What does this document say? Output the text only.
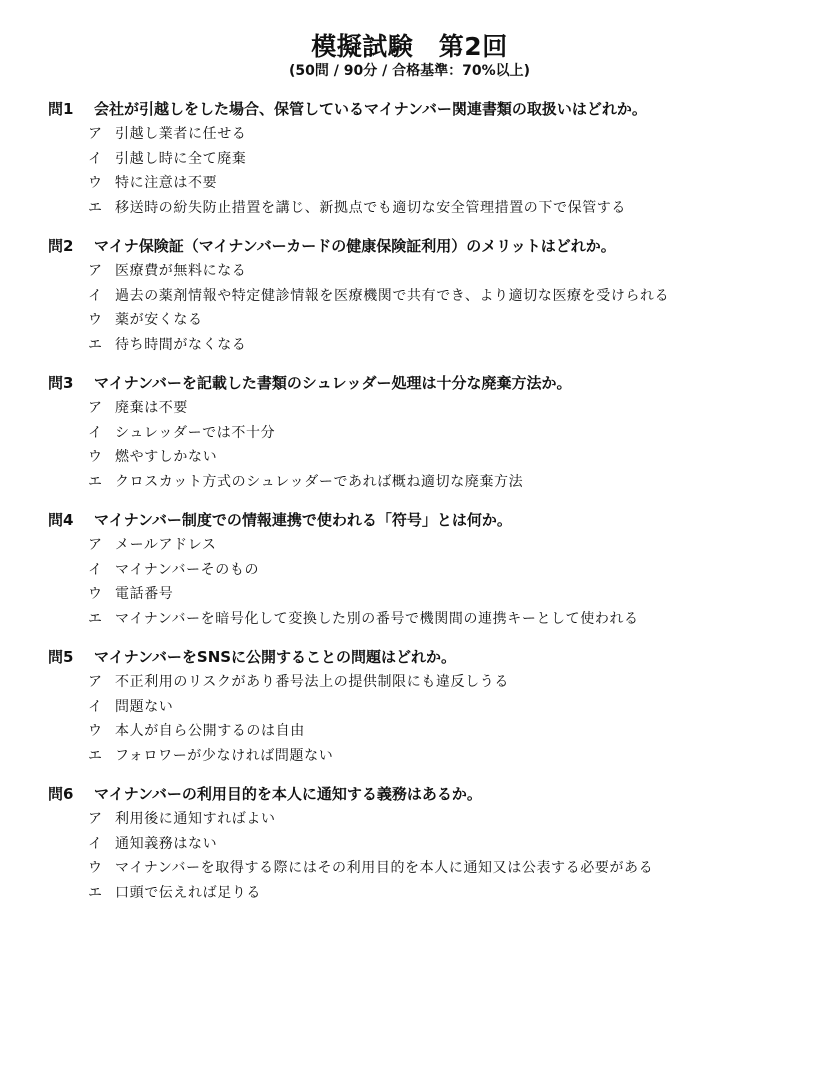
模擬試験　第2回
(50問 / 90分 / 合格基準：70%以上)
問1	会社が引越しをした場合、保管しているマイナンバー関連書類の取扱いはどれか。
ア 引越し業者に任せる
イ 引越し時に全て廃棄
ウ 特に注意は不要
エ 移送時の紛失防止措置を講じ、新拠点でも適切な安全管理措置の下で保管する
問2	マイナ保険証（マイナンバーカードの健康保険証利用）のメリットはどれか。
ア 医療費が無料になる
イ 過去の薬剤情報や特定健診情報を医療機関で共有でき、より適切な医療を受けられる
ウ 薬が安くなる
エ 待ち時間がなくなる
問3	マイナンバーを記載した書類のシュレッダー処理は十分な廃棄方法か。
ア 廃棄は不要
イ シュレッダーでは不十分
ウ 燃やすしかない
エ クロスカット方式のシュレッダーであれば概ね適切な廃棄方法
問4	マイナンバー制度での情報連携で使われる「符号」とは何か。
ア メールアドレス
イ マイナンバーそのもの
ウ 電話番号
エ マイナンバーを暗号化して変換した別の番号で機関間の連携キーとして使われる
問5	マイナンバーをSNSに公開することの問題はどれか。
ア 不正利用のリスクがあり番号法上の提供制限にも違反しうる
イ 問題ない
ウ 本人が自ら公開するのは自由
エ フォロワーが少なければ問題ない
問6	マイナンバーの利用目的を本人に通知する義務はあるか。
ア 利用後に通知すればよい
イ 通知義務はない
ウ マイナンバーを取得する際にはその利用目的を本人に通知又は公表する必要がある
エ 口頭で伝えれば足りる
